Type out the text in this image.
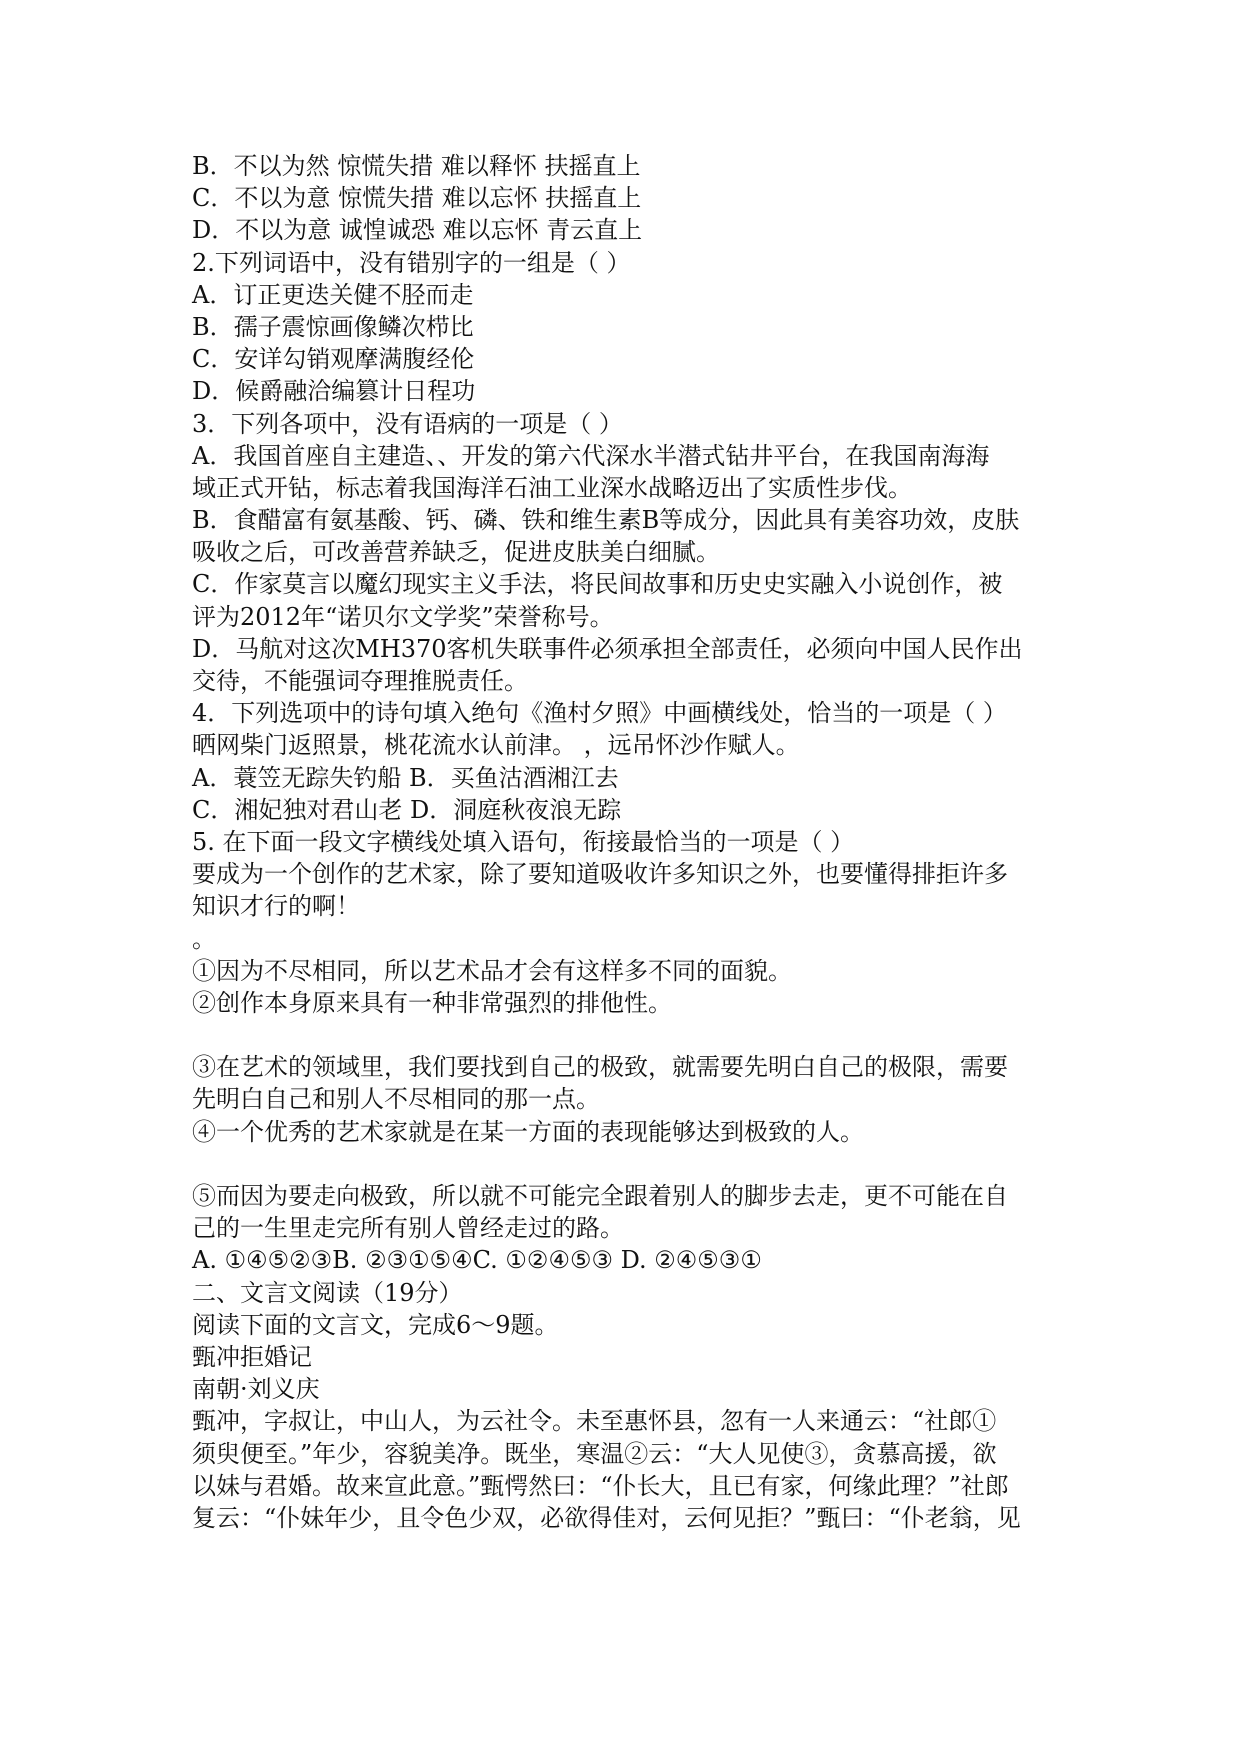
B．不以为然 惊慌失措 难以释怀 扶摇直上
C．不以为意 惊慌失措 难以忘怀 扶摇直上
D．不以为意 诚惶诚恐 难以忘怀 青云直上
2.下列词语中，没有错别字的一组是（ ）
A．订正更迭关健不胫而走
B．孺子震惊画像鳞次栉比
C．安详勾销观摩满腹经伦
D．候爵融洽编篡计日程功
3．下列各项中，没有语病的一项是（ ）
A．我国首座自主建造、、开发的第六代深水半潜式钻井平台，在我国南海海
域正式开钻，标志着我国海洋石油工业深水战略迈出了实质性步伐。
B．食醋富有氨基酸、钙、磷、铁和维生素B等成分，因此具有美容功效，皮肤
吸收之后，可改善营养缺乏，促进皮肤美白细腻。
C．作家莫言以魔幻现实主义手法，将民间故事和历史史实融入小说创作，被
评为2012年“诺贝尔文学奖”荣誉称号。
D．马航对这次MH370客机失联事件必须承担全部责任，必须向中国人民作出
交待，不能强词夺理推脱责任。
4．下列选项中的诗句填入绝句《渔村夕照》中画横线处，恰当的一项是（ ）
晒网柴门返照景，桃花流水认前津。 ，远吊怀沙作赋人。
A．蓑笠无踪失钓船 B．买鱼沽酒湘江去
C．湘妃独对君山老 D．洞庭秋夜浪无踪
5. 在下面一段文字横线处填入语句，衔接最恰当的一项是（ ）
要成为一个创作的艺术家，除了要知道吸收许多知识之外，也要懂得排拒许多
知识才行的啊！
。
①因为不尽相同，所以艺术品才会有这样多不同的面貌。
②创作本身原来具有一种非常强烈的排他性。
③在艺术的领域里，我们要找到自己的极致，就需要先明白自己的极限，需要
先明白自己和别人不尽相同的那一点。
④一个优秀的艺术家就是在某一方面的表现能够达到极致的人。
⑤而因为要走向极致，所以就不可能完全跟着别人的脚步去走，更不可能在自
己的一生里走完所有别人曾经走过的路。
A. ①④⑤②③B. ②③①⑤④C. ①②④⑤③ D. ②④⑤③①
二、文言文阅读（19分）
阅读下面的文言文，完成6～9题。
甄冲拒婚记
南朝·刘义庆
甄冲，字叔让，中山人，为云社令。未至惠怀县，忽有一人来通云：“社郎①
须臾便至。”年少，容貌美净。既坐，寒温②云：“大人见使③，贪慕高援，欲
以妹与君婚。故来宣此意。”甄愕然曰：“仆长大，且已有家，何缘此理？”社郎
复云：“仆妹年少，且令色少双，必欲得佳对，云何见拒？”甄曰：“仆老翁，见
